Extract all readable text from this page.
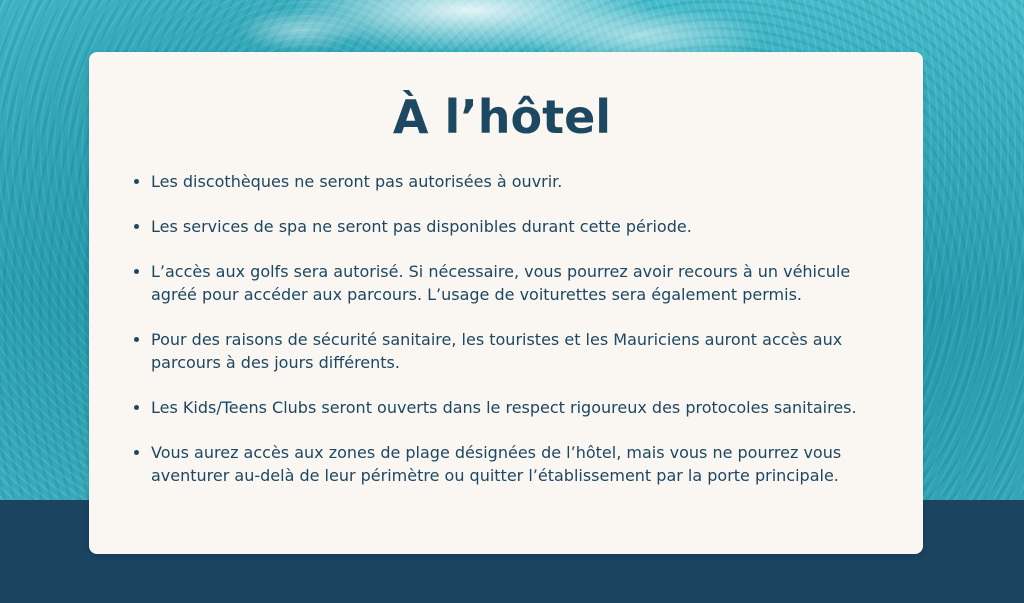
À l’hôtel
Les discothèques ne seront pas autorisées à ouvrir.
Les services de spa ne seront pas disponibles durant cette période.
L’accès aux golfs sera autorisé. Si nécessaire, vous pourrez avoir recours à un véhicule agréé pour accéder aux parcours. L’usage de voiturettes sera également permis.
Pour des raisons de sécurité sanitaire, les touristes et les Mauriciens auront accès aux parcours à des jours différents.
Les Kids/Teens Clubs seront ouverts dans le respect rigoureux des protocoles sanitaires.
Vous aurez accès aux zones de plage désignées de l’hôtel, mais vous ne pourrez vous aventurer au-delà de leur périmètre ou quitter l’établissement par la porte principale.
